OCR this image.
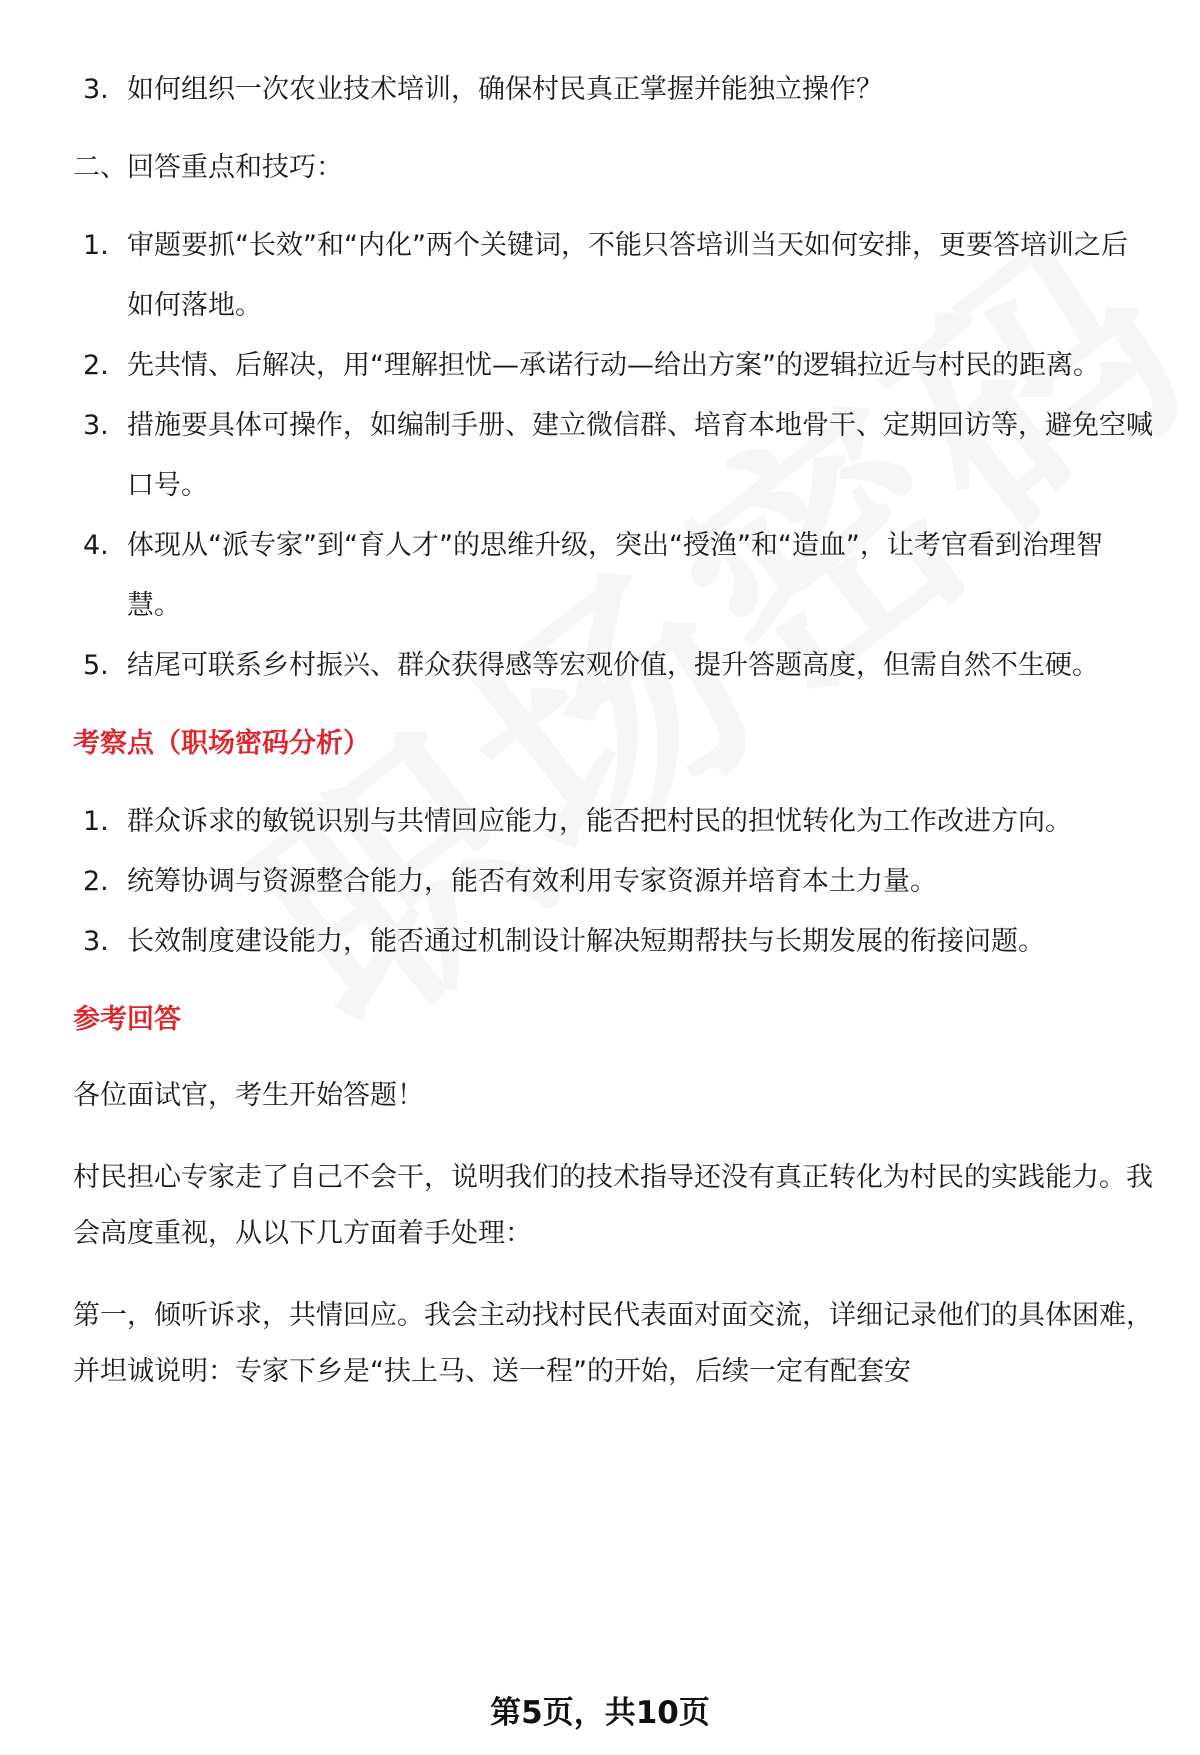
3. 如何组织一次农业技术培训，确保村民真正掌握并能独立操作？

二、回答重点和技巧：

1. 审题要抓“长效”和“内化”两个关键词，不能只答培训当天如何安排，更要答培训之后如何落地。
2. 先共情、后解决，用“理解担忧—承诺行动—给出方案”的逻辑拉近与村民的距离。
3. 措施要具体可操作，如编制手册、建立微信群、培育本地骨干、定期回访等，避免空喊口号。
4. 体现从“派专家”到“育人才”的思维升级，突出“授渔”和“造血”，让考官看到治理智慧。
5. 结尾可联系乡村振兴、群众获得感等宏观价值，提升答题高度，但需自然不生硬。

考察点（职场密码分析）

1. 群众诉求的敏锐识别与共情回应能力，能否把村民的担忧转化为工作改进方向。
2. 统筹协调与资源整合能力，能否有效利用专家资源并培育本土力量。
3. 长效制度建设能力，能否通过机制设计解决短期帮扶与长期发展的衔接问题。

参考回答

各位面试官，考生开始答题！

村民担心专家走了自己不会干，说明我们的技术指导还没有真正转化为村民的实践能力。我会高度重视，从以下几方面着手处理：

第一，倾听诉求，共情回应。我会主动找村民代表面对面交流，详细记录他们的具体困难，并坦诚说明：专家下乡是“扶上马、送一程”的开始，后续一定有配套安

第5页，共10页
